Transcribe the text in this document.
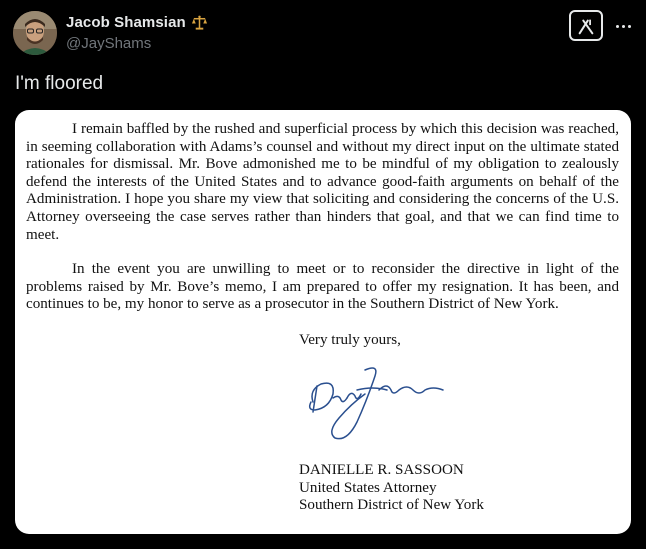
Jacob Shamsian
@JayShams
I'm floored
I remain baffled by the rushed and superficial process by which this decision was reached, in seeming collaboration with Adams’s counsel and without my direct input on the ultimate stated rationales for dismissal. Mr. Bove admonished me to be mindful of my obligation to zealously defend the interests of the United States and to advance good-faith arguments on behalf of the Administration. I hope you share my view that soliciting and considering the concerns of the U.S. Attorney overseeing the case serves rather than hinders that goal, and that we can find time to meet.
In the event you are unwilling to meet or to reconsider the directive in light of the problems raised by Mr. Bove’s memo, I am prepared to offer my resignation. It has been, and continues to be, my honor to serve as a prosecutor in the Southern District of New York.
Very truly yours,
DANIELLE R. SASSOON
United States Attorney
Southern District of New York
